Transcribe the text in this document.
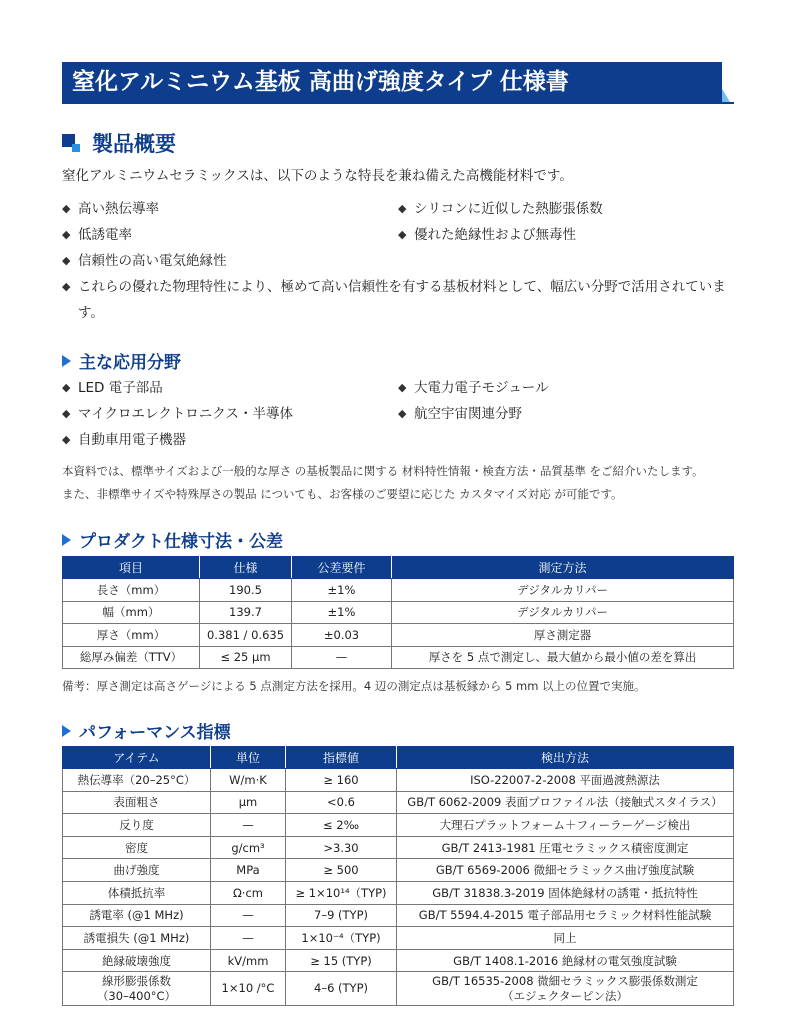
窒化アルミニウム基板 高曲げ強度タイプ 仕様書
製品概要
窒化アルミニウムセラミックスは、以下のような特長を兼ね備えた高機能材料です。
◆ 高い熱伝導率	◆ シリコンに近似した熱膨張係数
◆ 低誘電率	◆ 優れた絶縁性および無毒性
◆ 信頼性の高い電気絶縁性
◆ これらの優れた物理特性により、極めて高い信頼性を有する基板材料として、幅広い分野で活用されています。
主な応用分野
◆ LED 電子部品	◆ 大電力電子モジュール
◆ マイクロエレクトロニクス・半導体	◆ 航空宇宙関連分野
◆ 自動車用電子機器
本資料では、標準サイズおよび一般的な厚さ の基板製品に関する 材料特性情報・検査方法・品質基準 をご紹介いたします。
また、非標準サイズや特殊厚さの製品 についても、お客様のご要望に応じた カスタマイズ対応 が可能です。
プロダクト仕様寸法・公差
項目	仕様	公差要件	測定方法
長さ（mm）	190.5	±1%	デジタルカリパー
幅（mm）	139.7	±1%	デジタルカリパー
厚さ（mm）	0.381 / 0.635	±0.03	厚さ測定器
総厚み偏差（TTV）	≤ 25 μm	—	厚さを 5 点で測定し、最大値から最小値の差を算出
備考：厚さ測定は高さゲージによる 5 点測定方法を採用。4 辺の測定点は基板縁から 5 mm 以上の位置で実施。
パフォーマンス指標
アイテム	単位	指標値	検出方法
熱伝導率（20–25°C）	W/m·K	≥ 160	ISO-22007-2-2008 平面過渡熱源法
表面粗さ	μm	<0.6	GB/T 6062-2009 表面プロファイル法（接触式スタイラス）
反り度	—	≤ 2‰	大理石プラットフォーム＋フィーラーゲージ検出
密度	g/cm³	>3.30	GB/T 2413-1981 圧電セラミックス積密度測定
曲げ強度	MPa	≥ 500	GB/T 6569-2006 微細セラミックス曲げ強度試験
体積抵抗率	Ω·cm	≥ 1×10¹⁴（TYP)	GB/T 31838.3-2019 固体絶縁材の誘電・抵抗特性
誘電率 (@1 MHz)	—	7–9 (TYP)	GB/T 5594.4-2015 電子部品用セラミック材料性能試験
誘電損失 (@1 MHz)	—	1×10⁻⁴（TYP)	同上
絶縁破壊強度	kV/mm	≥ 15 (TYP)	GB/T 1408.1-2016 絶縁材の電気強度試験
線形膨張係数
（30–400°C）	1×10 /°C	4–6 (TYP)	GB/T 16535-2008 微細セラミックス膨張係数測定
（エジェクターピン法）
